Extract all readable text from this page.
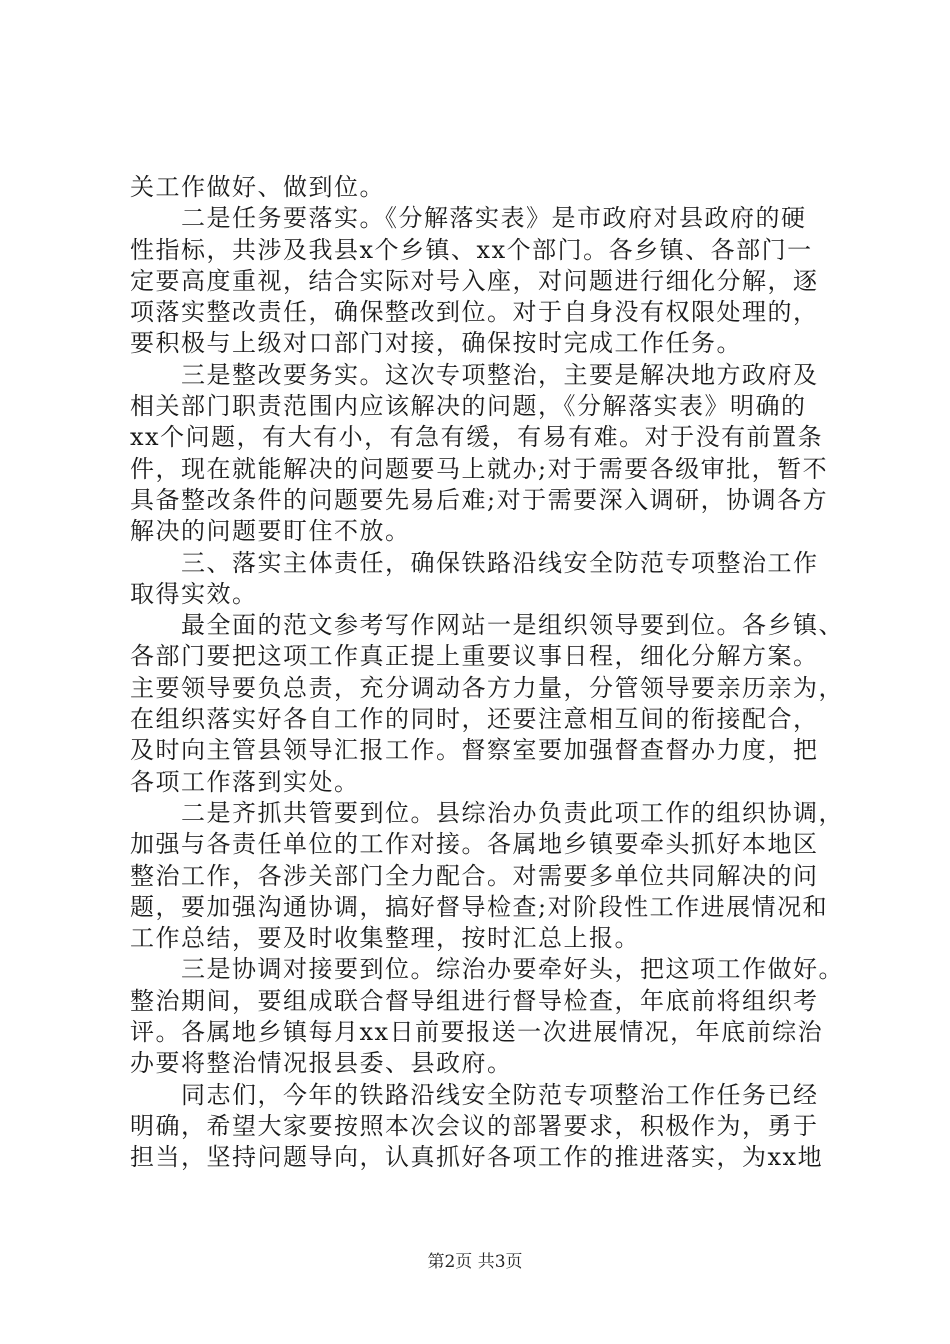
关工作做好、做到位。
　　二是任务要落实。《分解落实表》是市政府对县政府的硬
性指标，共涉及我县x个乡镇、xx个部门。各乡镇、各部门一
定要高度重视，结合实际对号入座，对问题进行细化分解，逐
项落实整改责任，确保整改到位。对于自身没有权限处理的，
要积极与上级对口部门对接，确保按时完成工作任务。
　　三是整改要务实。这次专项整治，主要是解决地方政府及
相关部门职责范围内应该解决的问题，《分解落实表》明确的
xx个问题，有大有小，有急有缓，有易有难。对于没有前置条
件，现在就能解决的问题要马上就办;对于需要各级审批，暂不
具备整改条件的问题要先易后难;对于需要深入调研，协调各方
解决的问题要盯住不放。
　　三、落实主体责任，确保铁路沿线安全防范专项整治工作
取得实效。
　　最全面的范文参考写作网站一是组织领导要到位。各乡镇、
各部门要把这项工作真正提上重要议事日程，细化分解方案。
主要领导要负总责，充分调动各方力量，分管领导要亲历亲为，
在组织落实好各自工作的同时，还要注意相互间的衔接配合，
及时向主管县领导汇报工作。督察室要加强督查督办力度，把
各项工作落到实处。
　　二是齐抓共管要到位。县综治办负责此项工作的组织协调，
加强与各责任单位的工作对接。各属地乡镇要牵头抓好本地区
整治工作，各涉关部门全力配合。对需要多单位共同解决的问
题，要加强沟通协调，搞好督导检查;对阶段性工作进展情况和
工作总结，要及时收集整理，按时汇总上报。
　　三是协调对接要到位。综治办要牵好头，把这项工作做好。
整治期间，要组成联合督导组进行督导检查，年底前将组织考
评。各属地乡镇每月xx日前要报送一次进展情况，年底前综治
办要将整治情况报县委、县政府。
　　同志们，今年的铁路沿线安全防范专项整治工作任务已经
明确，希望大家要按照本次会议的部署要求，积极作为，勇于
担当，坚持问题导向，认真抓好各项工作的推进落实，为xx地
第2页 共3页
